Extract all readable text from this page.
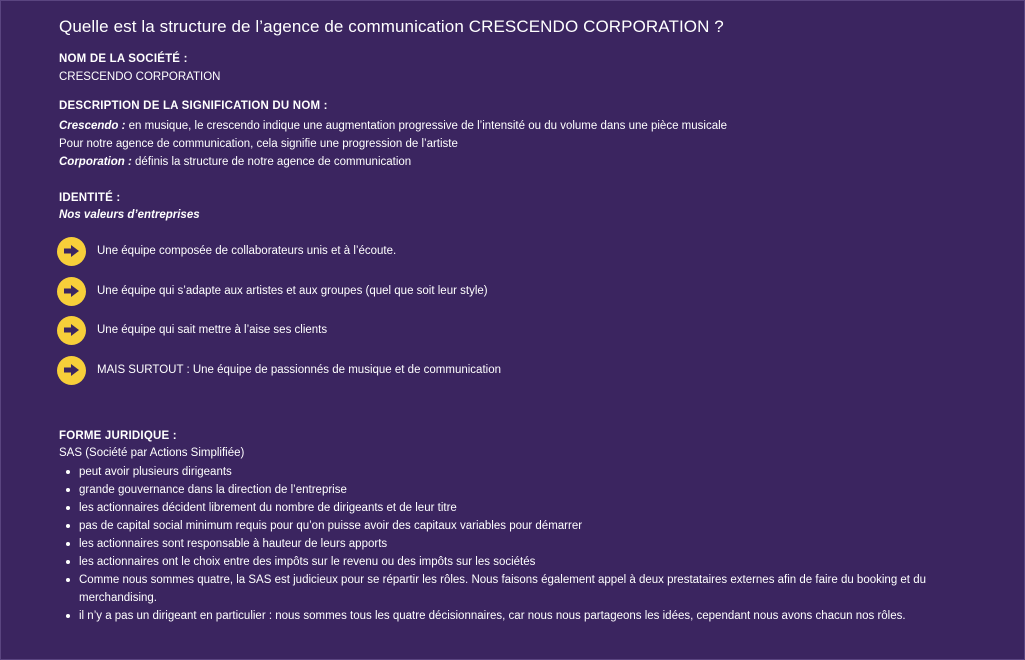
Quelle est la structure de l’agence de communication CRESCENDO CORPORATION ?
NOM DE LA SOCIÉTÉ :
CRESCENDO CORPORATION
DESCRIPTION DE LA SIGNIFICATION DU NOM :
Crescendo : en musique, le crescendo indique une augmentation progressive de l’intensité ou du volume dans une pièce musicale
Pour notre agence de communication, cela signifie une progression de l’artiste
Corporation : définis la structure de notre agence de communication
IDENTITÉ :
Nos valeurs d’entreprises
Une équipe composée de collaborateurs unis et à l’écoute.
Une équipe qui s’adapte aux artistes et aux groupes (quel que soit leur style)
Une équipe qui sait mettre à l’aise ses clients
MAIS SURTOUT : Une équipe de passionnés de musique et de communication
FORME JURIDIQUE :
SAS (Société par Actions Simplifiée)
peut avoir plusieurs dirigeants
grande gouvernance dans la direction de l’entreprise
les actionnaires décident librement du nombre de dirigeants et de leur titre
pas de capital social minimum requis pour qu’on puisse avoir des capitaux variables pour démarrer
les actionnaires sont responsable à hauteur de leurs apports
les actionnaires ont le choix entre des impôts sur le revenu ou des impôts sur les sociétés
Comme nous sommes quatre, la SAS est judicieux pour se répartir les rôles. Nous faisons également appel à deux prestataires externes afin de faire du booking et du merchandising.
il n’y a pas un dirigeant en particulier : nous sommes tous les quatre décisionnaires, car nous nous partageons les idées, cependant nous avons chacun nos rôles.
